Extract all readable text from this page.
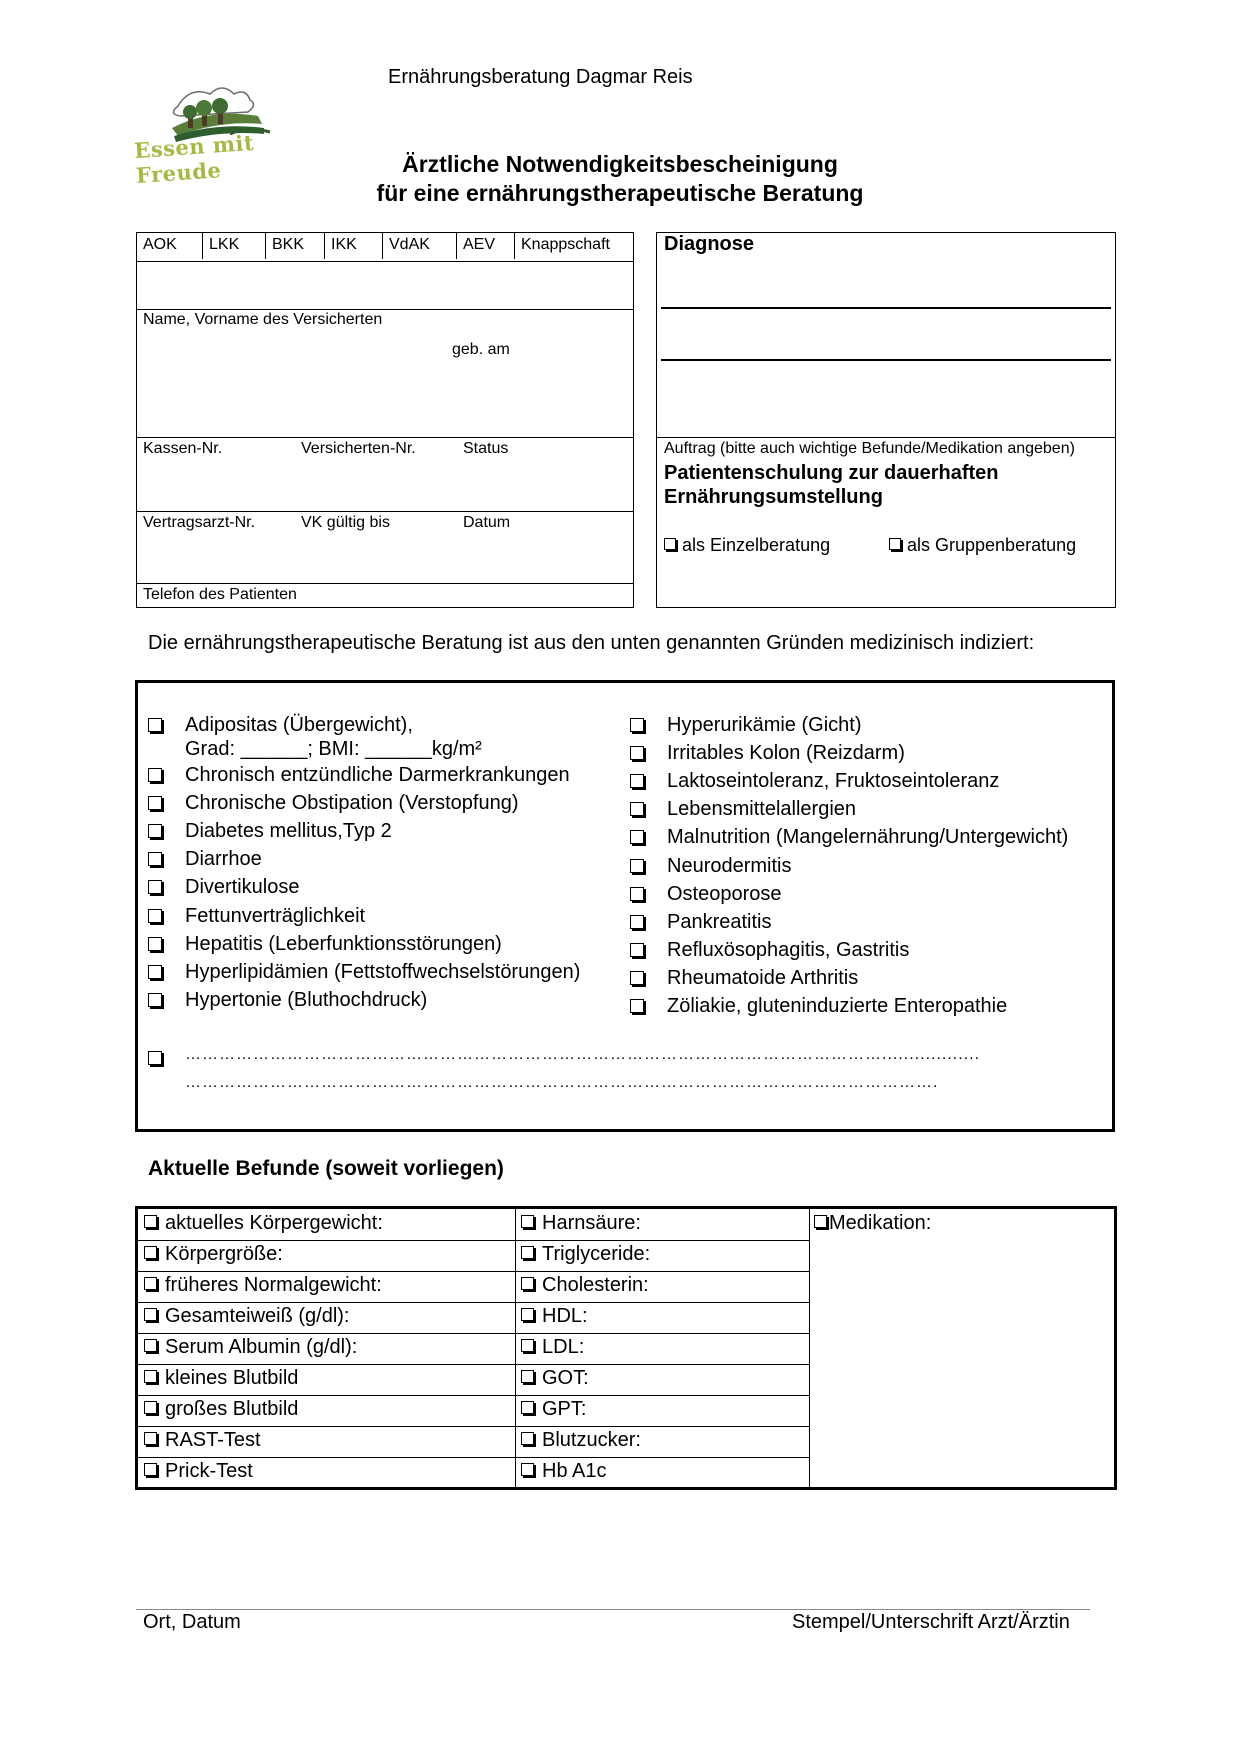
Ernährungsberatung Dagmar Reis
Essen mit Freude	Ärztliche Notwendigkeitsbescheinigung
für eine ernährungstherapeutische Beratung
AOK	LKK	BKK	IKK	VdAK	AEV	Knappschaft
Name, Vorname des Versicherten
geb. am
Kassen-Nr.	Versicherten-Nr.	Status
Vertragsarzt-Nr.	VK gültig bis	Datum
Telefon des Patienten
Diagnose
Auftrag (bitte auch wichtige Befunde/Medikation angeben)
Patientenschulung zur dauerhaften
Ernährungsumstellung
als Einzelberatung	als Gruppenberatung
Die ernährungstherapeutische Beratung ist aus den unten genannten Gründen medizinisch indiziert:
Adipositas (Übergewicht),
Grad: ______; BMI: ______kg/m²
Chronisch entzündliche Darmerkrankungen
Chronische Obstipation (Verstopfung)
Diabetes mellitus,Typ 2
Diarrhoe
Divertikulose
Fettunverträglichkeit
Hepatitis (Leberfunktionsstörungen)
Hyperlipidämien (Fettstoffwechselstörungen)
Hypertonie (Bluthochdruck)
Hyperurikämie (Gicht)
Irritables Kolon (Reizdarm)
Laktoseintoleranz, Fruktoseintoleranz
Lebensmittelallergien
Malnutrition (Mangelernährung/Untergewicht)
Neurodermitis
Osteoporose
Pankreatitis
Refluxösophagitis, Gastritis
Rheumatoide Arthritis
Zöliakie, gluteninduzierte Enteropathie
……………………………………………………………………………………………………………..................
…………………………………………………………………………………………………………………….
Aktuelle Befunde (soweit vorliegen)
aktuelles Körpergewicht:	Harnsäure:
Körpergröße:	Triglyceride:
früheres Normalgewicht:	Cholesterin:
Gesamteiweiß (g/dl):	HDL:
Serum Albumin (g/dl):	LDL:
kleines Blutbild	GOT:
großes Blutbild	GPT:
RAST-Test	Blutzucker:
Prick-Test	Hb A1c
Medikation:
Ort, Datum	Stempel/Unterschrift Arzt/Ärztin
